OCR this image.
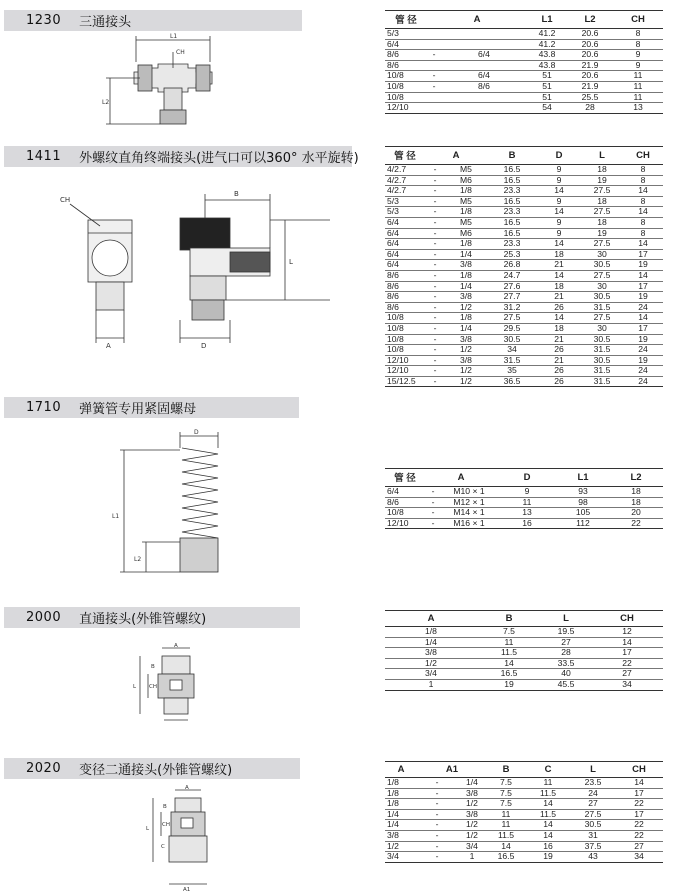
1230 三通接头
L1
CH
L2
管 径	A		L1	L2	CH
5/3			41.2	20.6	8
6/4			41.2	20.6	8
8/6	-	6/4	43.8	20.6	9
8/6			43.8	21.9	9
10/8	-	6/4	51	20.6	11
10/8	-	8/6	51	21.9	11
10/8			51	25.5	11
12/10			54	28	13
1411 外螺纹直角终端接头(进气口可以360° 水平旋转)
CH
B
L
A	D
管 径	A		B	D	L	CH
4/2.7	-	M5	16.5	9	18	8
4/2.7	-	M6	16.5	9	19	8
4/2.7	-	1/8	23.3	14	27.5	14
5/3	-	M5	16.5	9	18	8
5/3	-	1/8	23.3	14	27.5	14
6/4	-	M5	16.5	9	18	8
6/4	-	M6	16.5	9	19	8
6/4	-	1/8	23.3	14	27.5	14
6/4	-	1/4	25.3	18	30	17
6/4	-	3/8	26.8	21	30.5	19
8/6	-	1/8	24.7	14	27.5	14
8/6	-	1/4	27.6	18	30	17
8/6	-	3/8	27.7	21	30.5	19
8/6	-	1/2	31.2	26	31.5	24
10/8	-	1/8	27.5	14	27.5	14
10/8	-	1/4	29.5	18	30	17
10/8	-	3/8	30.5	21	30.5	19
10/8	-	1/2	34	26	31.5	24
12/10	-	3/8	31.5	21	30.5	19
12/10	-	1/2	35	26	31.5	24
15/12.5	-	1/2	36.5	26	31.5	24
1710 弹簧管专用紧固螺母
D
L1
L2
管 径	A		D	L1	L2
6/4	-	M10 × 1	9	93	18
8/6	-	M12 × 1	11	98	18
10/8	-	M14 × 1	13	105	20
12/10	-	M16 × 1	16	112	22
2000 直通接头(外锥管螺纹)
A
B
CH
L
A	B	L	CH
1/8	7.5	19.5	12
1/4	11	27	14
3/8	11.5	28	17
1/2	14	33.5	22
3/4	16.5	40	27
1	19	45.5	34
2020 变径二通接头(外锥管螺纹)
A
B
CH
L
C
A1
A	A1		B	C	L	CH
1/8	-	1/4	7.5	11	23.5	14
1/8	-	3/8	7.5	11.5	24	17
1/8	-	1/2	7.5	14	27	22
1/4	-	3/8	11	11.5	27.5	17
1/4	-	1/2	11	14	30.5	22
3/8	-	1/2	11.5	14	31	22
1/2	-	3/4	14	16	37.5	27
3/4	-	1	16.5	19	43	34
